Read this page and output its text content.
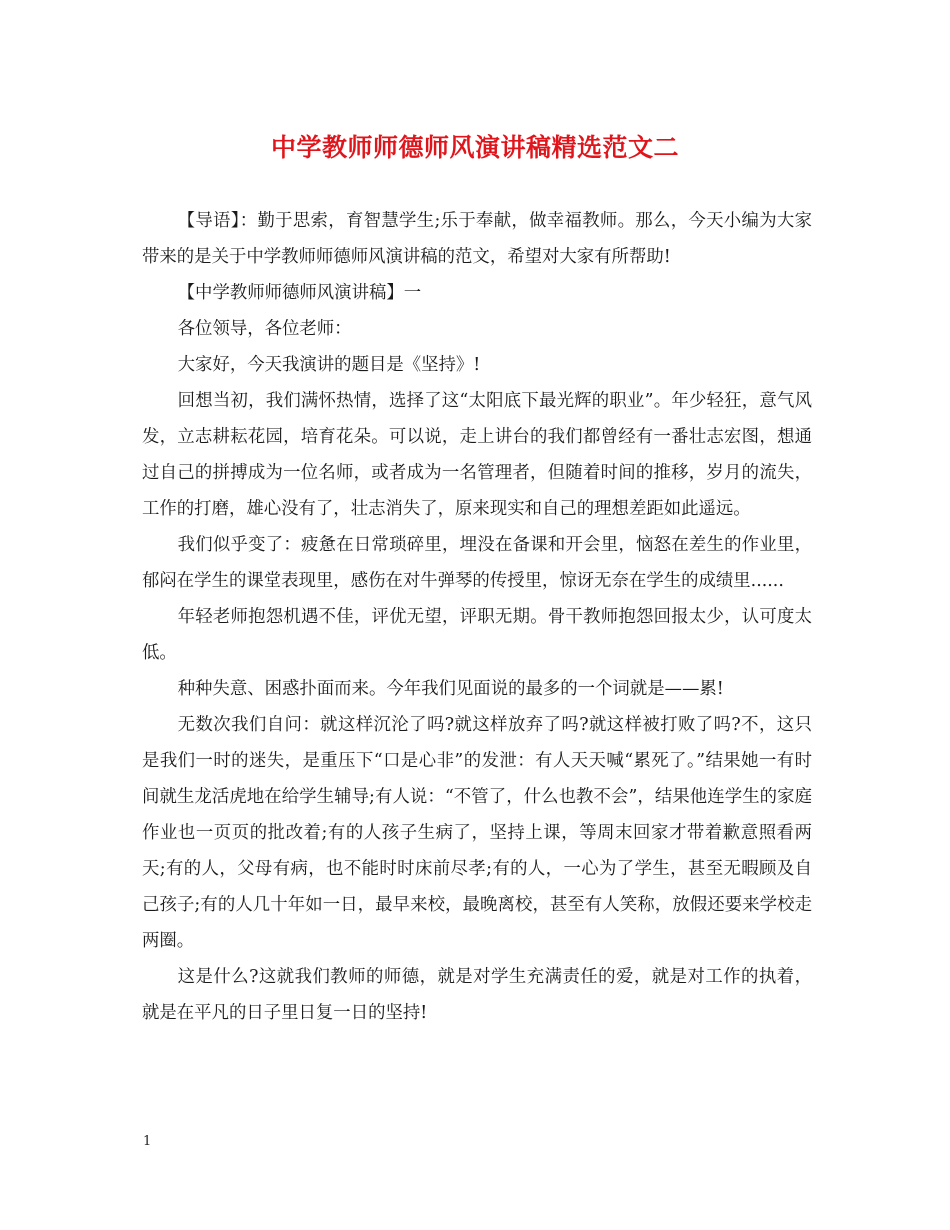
中学教师师德师风演讲稿精选范文二

【导语】：勤于思索，育智慧学生;乐于奉献，做幸福教师。那么，今天小编为大家带来的是关于中学教师师德师风演讲稿的范文，希望对大家有所帮助!

【中学教师师德师风演讲稿】一

各位领导，各位老师：

大家好，今天我演讲的题目是《坚持》!

回想当初，我们满怀热情，选择了这“太阳底下最光辉的职业”。年少轻狂，意气风发，立志耕耘花园，培育花朵。可以说，走上讲台的我们都曾经有一番壮志宏图，想通过自己的拼搏成为一位名师，或者成为一名管理者，但随着时间的推移，岁月的流失，工作的打磨，雄心没有了，壮志消失了，原来现实和自己的理想差距如此遥远。

我们似乎变了：疲惫在日常琐碎里，埋没在备课和开会里，恼怒在差生的作业里，郁闷在学生的课堂表现里，感伤在对牛弹琴的传授里，惊讶无奈在学生的成绩里......

年轻老师抱怨机遇不佳，评优无望，评职无期。骨干教师抱怨回报太少，认可度太低。

种种失意、困惑扑面而来。今年我们见面说的最多的一个词就是——累!

无数次我们自问：就这样沉沦了吗?就这样放弃了吗?就这样被打败了吗?不，这只是我们一时的迷失，是重压下“口是心非”的发泄：有人天天喊“累死了。”结果她一有时间就生龙活虎地在给学生辅导;有人说：“不管了，什么也教不会”，结果他连学生的家庭作业也一页页的批改着;有的人孩子生病了，坚持上课，等周末回家才带着歉意照看两天;有的人，父母有病，也不能时时床前尽孝;有的人，一心为了学生，甚至无暇顾及自己孩子;有的人几十年如一日，最早来校，最晚离校，甚至有人笑称，放假还要来学校走两圈。

这是什么?这就我们教师的师德，就是对学生充满责任的爱，就是对工作的执着，就是在平凡的日子里日复一日的坚持!

1
